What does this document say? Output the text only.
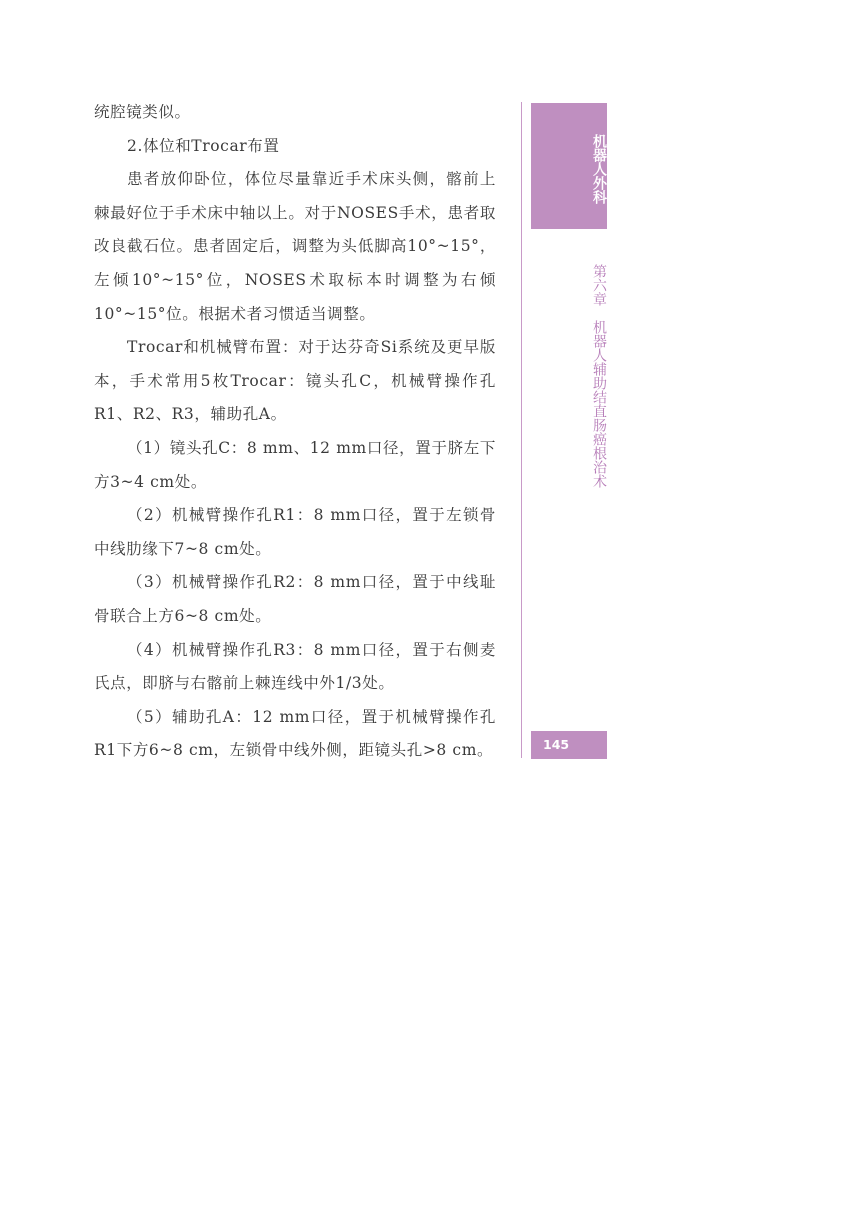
统腔镜类似。

2.体位和Trocar布置

患者放仰卧位，体位尽量靠近手术床头侧，髂前上棘最好位于手术床中轴以上。对于NOSES手术，患者取改良截石位。患者固定后，调整为头低脚高10°~15°，左倾10°~15°位，NOSES术取标本时调整为右倾10°~15°位。根据术者习惯适当调整。

Trocar和机械臂布置：对于达芬奇Si系统及更早版本，手术常用5枚Trocar：镜头孔C，机械臂操作孔R1、R2、R3，辅助孔A。

（1）镜头孔C：8 mm、12 mm口径，置于脐左下方3~4 cm处。

（2）机械臂操作孔R1：8 mm口径，置于左锁骨中线肋缘下7~8 cm处。

（3）机械臂操作孔R2：8 mm口径，置于中线耻骨联合上方6~8 cm处。

（4）机械臂操作孔R3：8 mm口径，置于右侧麦氏点，即脐与右髂前上棘连线中外1/3处。

（5）辅助孔A：12 mm口径，置于机械臂操作孔R1下方6~8 cm，左锁骨中线外侧，距镜头孔>8 cm。

机器人外科
第六章　机器人辅助结直肠癌根治术
145
